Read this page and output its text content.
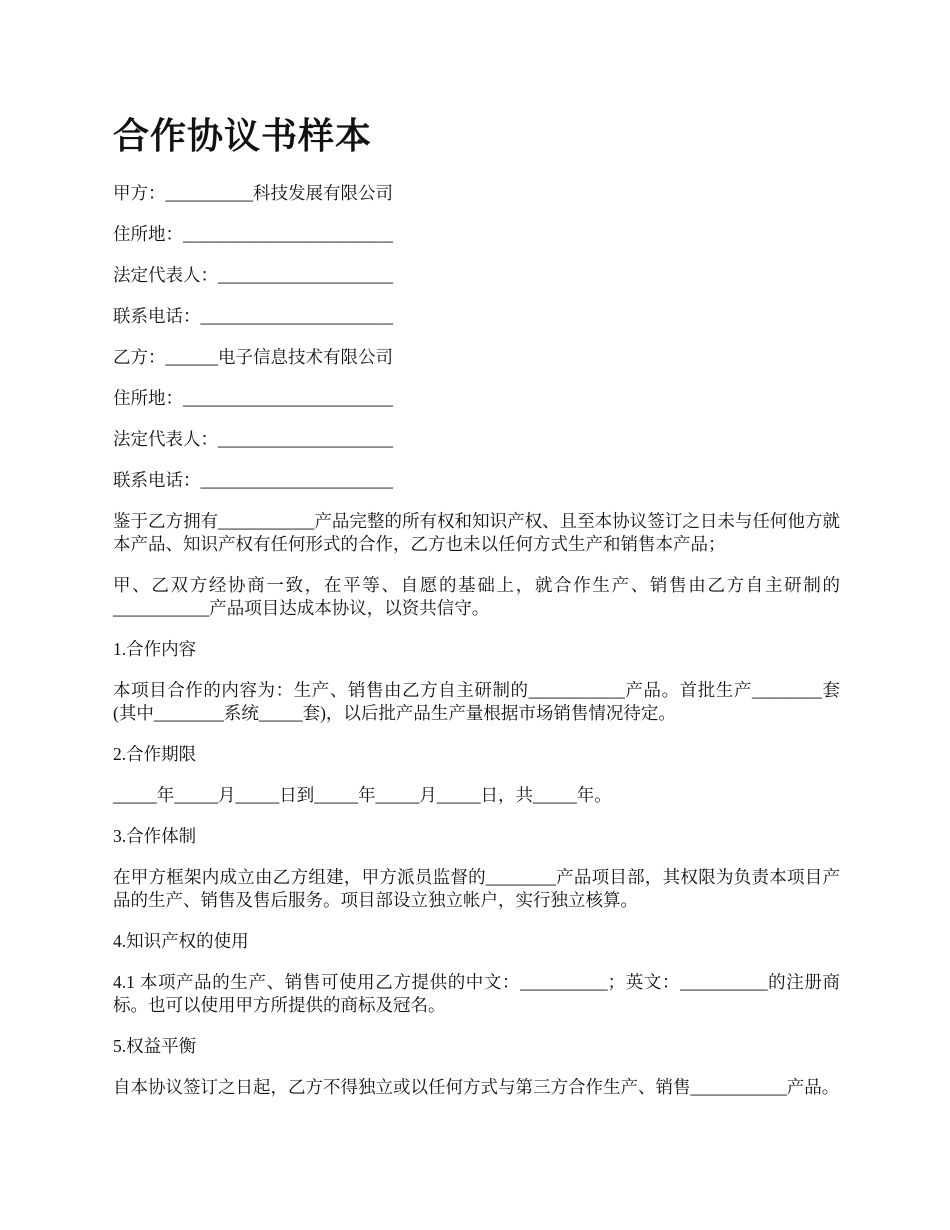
合作协议书样本

甲方：__________科技发展有限公司

住所地：________________________

法定代表人：____________________

联系电话：______________________

乙方：______电子信息技术有限公司

住所地：________________________

法定代表人：____________________

联系电话：______________________

鉴于乙方拥有___________产品完整的所有权和知识产权、且至本协议签订之日未与任何他方就本产品、知识产权有任何形式的合作，乙方也未以任何方式生产和销售本产品；

甲、乙双方经协商一致，在平等、自愿的基础上，就合作生产、销售由乙方自主研制的___________产品项目达成本协议，以资共信守。

1.合作内容

本项目合作的内容为：生产、销售由乙方自主研制的___________产品。首批生产________套(其中________系统_____套)，以后批产品生产量根据市场销售情况待定。

2.合作期限

_____年_____月_____日到_____年_____月_____日，共_____年。

3.合作体制

在甲方框架内成立由乙方组建，甲方派员监督的________产品项目部，其权限为负责本项目产品的生产、销售及售后服务。项目部设立独立帐户，实行独立核算。

4.知识产权的使用

4.1 本项产品的生产、销售可使用乙方提供的中文：__________；英文：__________的注册商标。也可以使用甲方所提供的商标及冠名。

5.权益平衡

自本协议签订之日起，乙方不得独立或以任何方式与第三方合作生产、销售___________产品。
